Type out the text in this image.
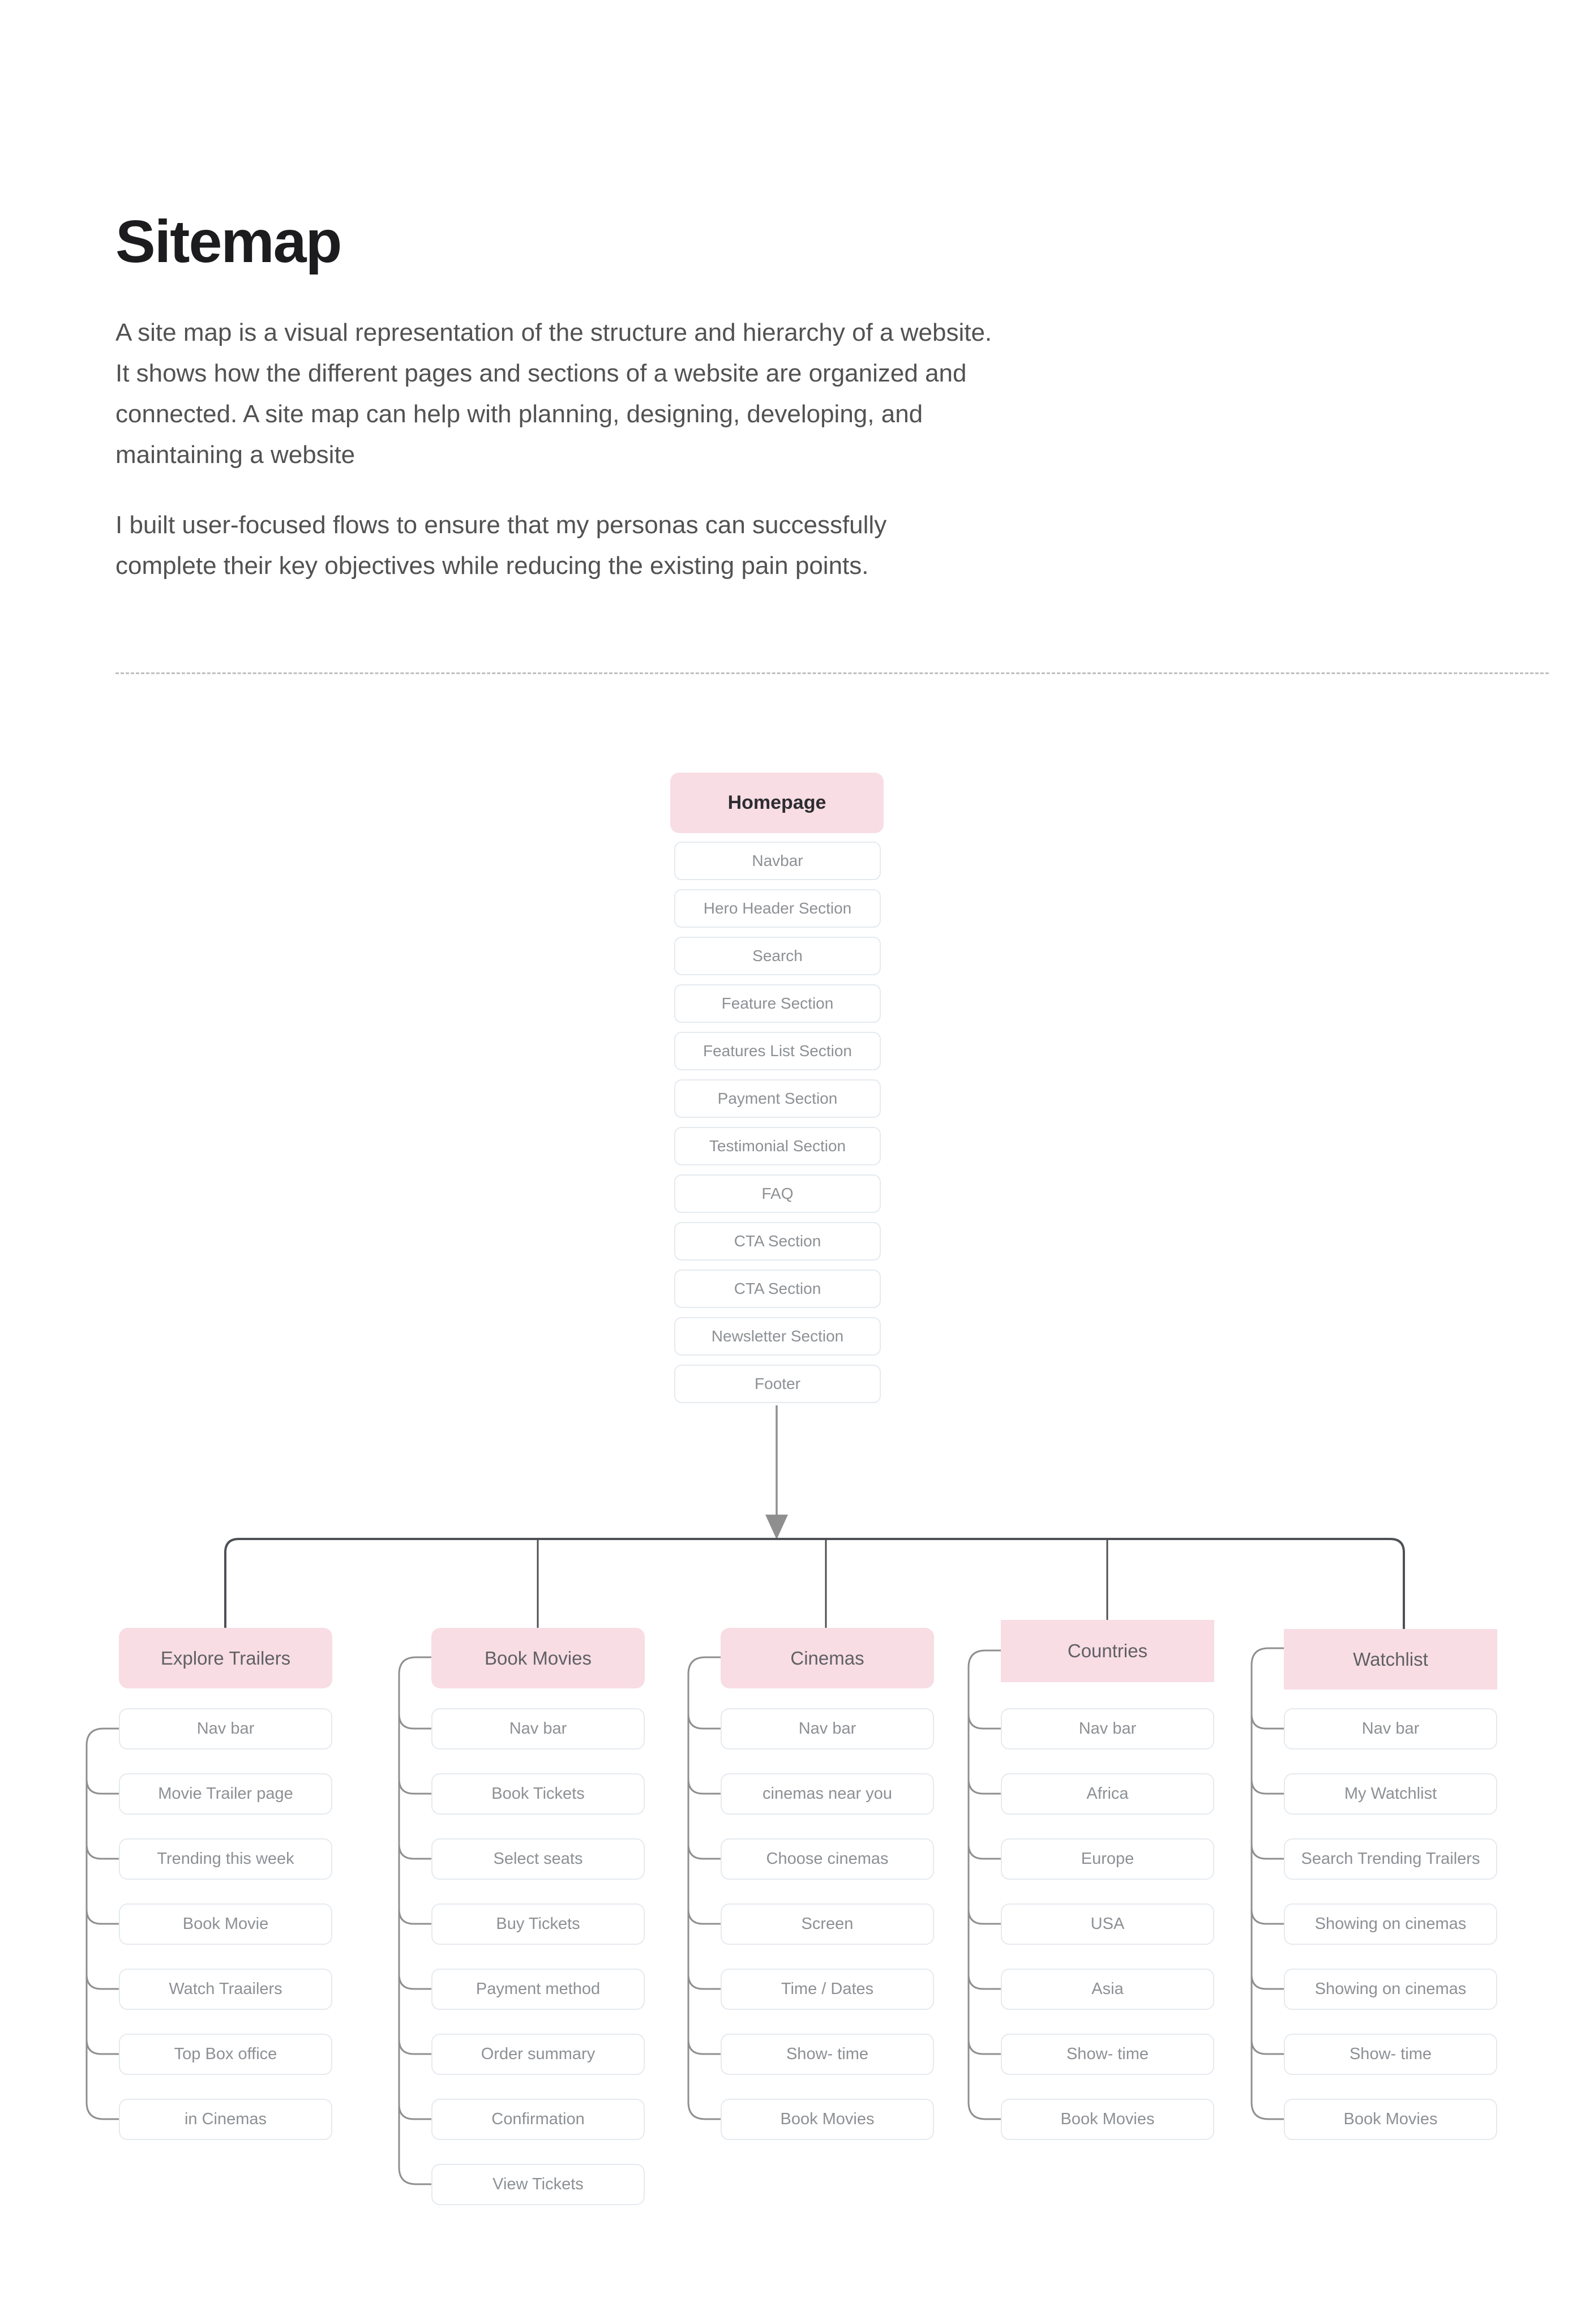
Sitemap
A site map is a visual representation of the structure and hierarchy of a website.
It shows how the different pages and sections of a website are organized and
connected. A site map can help with planning, designing, developing, and
maintaining a website
I built user-focused flows to ensure that my personas can successfully
complete their key objectives while reducing the existing pain points.
Homepage
Navbar
Hero Header Section
Search
Feature Section
Features List Section
Payment Section
Testimonial Section
FAQ
CTA Section
CTA Section
Newsletter Section
Footer
Explore Trailers
Nav bar
Movie Trailer page
Trending this week
Book Movie
Watch Traailers
Top Box office
in Cinemas
Book Movies
Nav bar
Book Tickets
Select seats
Buy Tickets
Payment method
Order summary
Confirmation
View Tickets
Cinemas
Nav bar
cinemas near you
Choose cinemas
Screen
Time / Dates
Show- time
Book Movies
Countries
Nav bar
Africa
Europe
USA
Asia
Show- time
Book Movies
Watchlist
Nav bar
My Watchlist
Search Trending Trailers
Showing on cinemas
Showing on cinemas
Show- time
Book Movies
